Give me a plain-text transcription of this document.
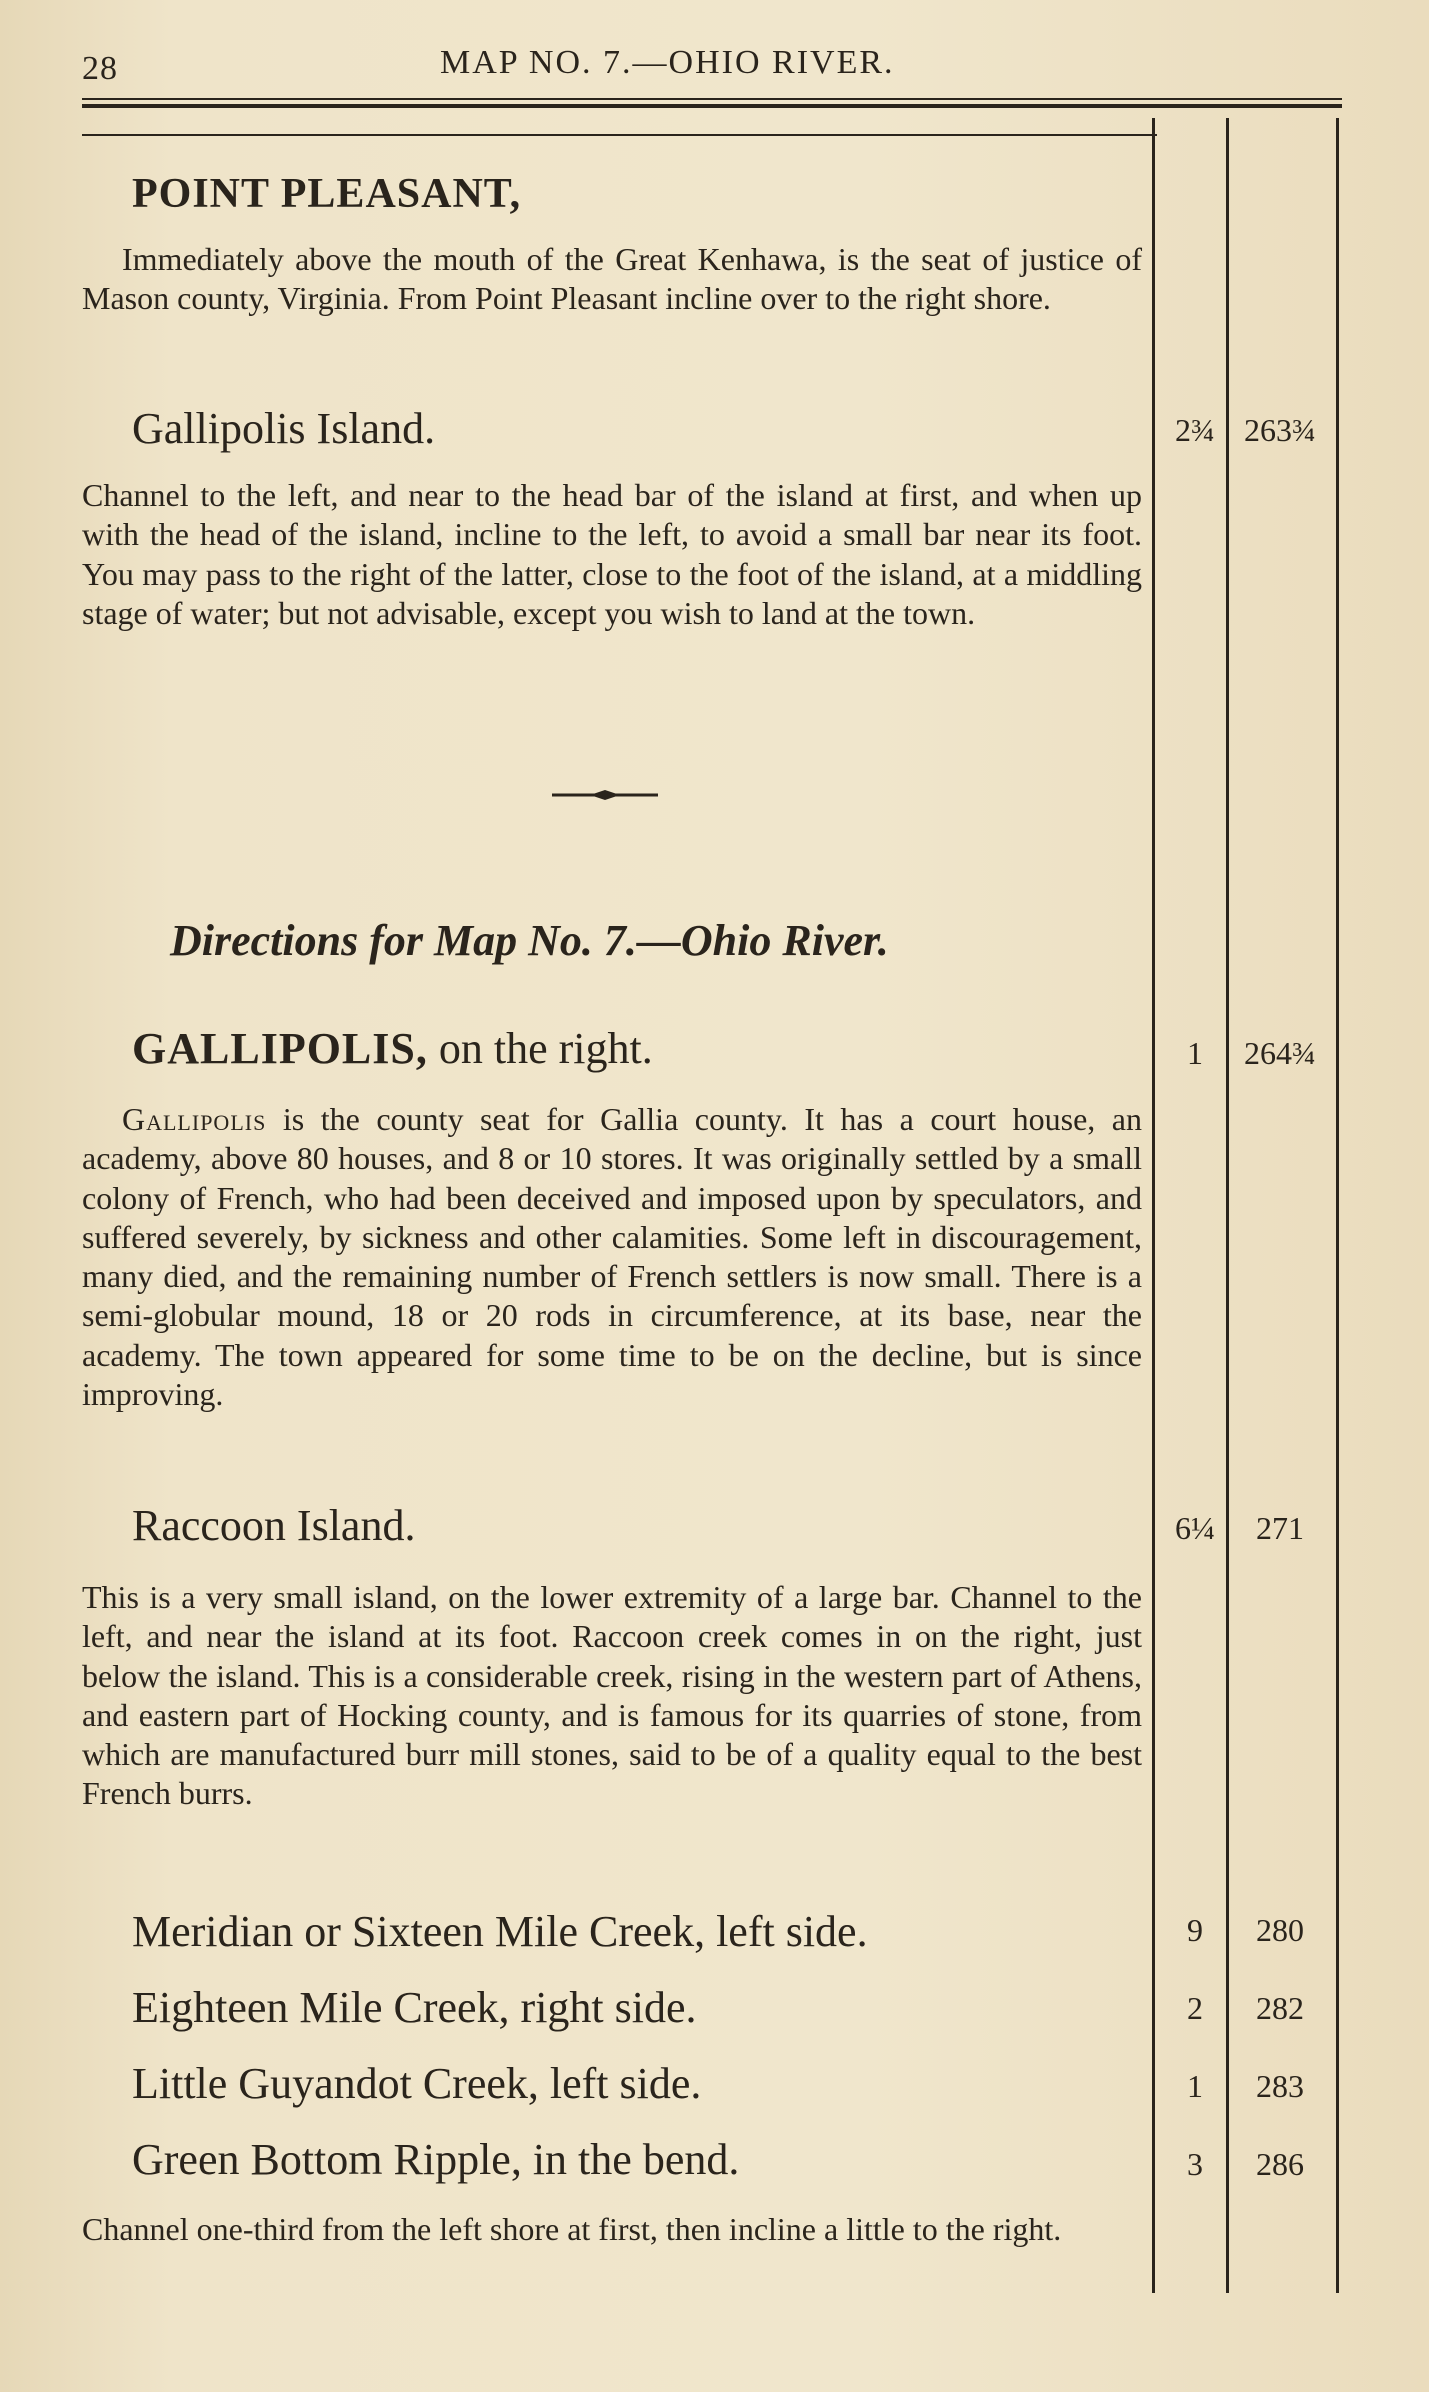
28	MAP NO. 7.—OHIO RIVER.
POINT PLEASANT,
Immediately above the mouth of the Great Kenhawa, is the seat of justice of Mason county, Virginia. From Point Pleasant incline over to the right shore.
Gallipolis Island.	2¾ 263¾
Channel to the left, and near to the head bar of the island at first, and when up with the head of the island, incline to the left, to avoid a small bar near its foot. You may pass to the right of the latter, close to the foot of the island, at a middling stage of water; but not advisable, except you wish to land at the town.
Directions for Map No. 7.—Ohio River.
GALLIPOLIS, on the right.	1	264¾
Gallipolis is the county seat for Gallia county. It has a court house, an academy, above 80 houses, and 8 or 10 stores. It was originally settled by a small colony of French, who had been deceived and imposed upon by speculators, and suffered severely, by sickness and other calamities. Some left in discouragement, many died, and the remaining number of French settlers is now small. There is a semi-globular mound, 18 or 20 rods in circumference, at its base, near the academy. The town appeared for some time to be on the decline, but is since improving.
Raccoon Island.	6¼	271
This is a very small island, on the lower extremity of a large bar. Channel to the left, and near the island at its foot. Raccoon creek comes in on the right, just below the island. This is a considerable creek, rising in the western part of Athens, and eastern part of Hocking county, and is famous for its quarries of stone, from which are manufactured burr mill stones, said to be of a quality equal to the best French burrs.
Meridian or Sixteen Mile Creek, left side.	9	280
Eighteen Mile Creek, right side.	2	282
Little Guyandot Creek, left side.	1	283
Green Bottom Ripple, in the bend.	3	286
Channel one-third from the left shore at first, then incline a little to the right.
